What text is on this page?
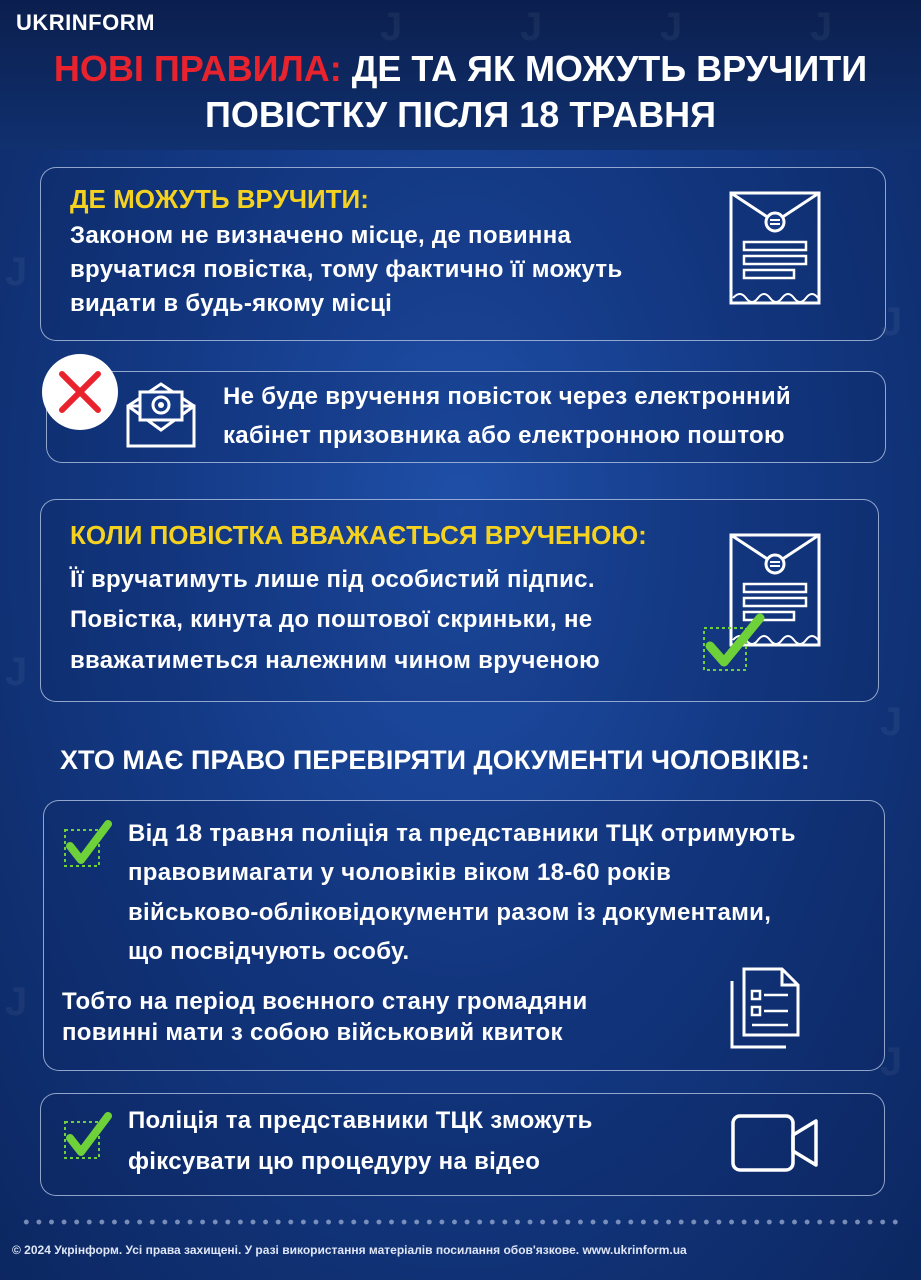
J	J	J	J
J
J
J
J
J
J
UKRINFORM
НОВІ ПРАВИЛА: ДЕ ТА ЯК МОЖУТЬ ВРУЧИТИ
ПОВІСТКУ ПІСЛЯ 18 ТРАВНЯ
ДЕ МОЖУТЬ ВРУЧИТИ:
Законом не визначено місце, де повинна
вручатися повістка, тому фактично її можуть
видати в будь-якому місці
Не буде вручення повісток через електронний
кабінет призовника або електронною поштою
КОЛИ ПОВІСТКА ВВАЖАЄТЬСЯ ВРУЧЕНОЮ:
Її вручатимуть лише під особистий підпис.
Повістка, кинута до поштової скриньки, не
вважатиметься належним чином врученою
ХТО МАЄ ПРАВО ПЕРЕВІРЯТИ ДОКУМЕНТИ ЧОЛОВІКІВ:
Від 18 травня поліція та представники ТЦК отримують
правовимагати у чоловіків віком 18-60 років
військово-обліковідокументи разом із документами,
що посвідчують особу.
Тобто на період воєнного стану громадяни
повинні мати з собою військовий квиток
Поліція та представники ТЦК зможуть
фіксувати цю процедуру на відео
© 2024 Укрінформ. Усі права захищені. У разі використання матеріалів посилання обов'язкове. www.ukrinform.ua
